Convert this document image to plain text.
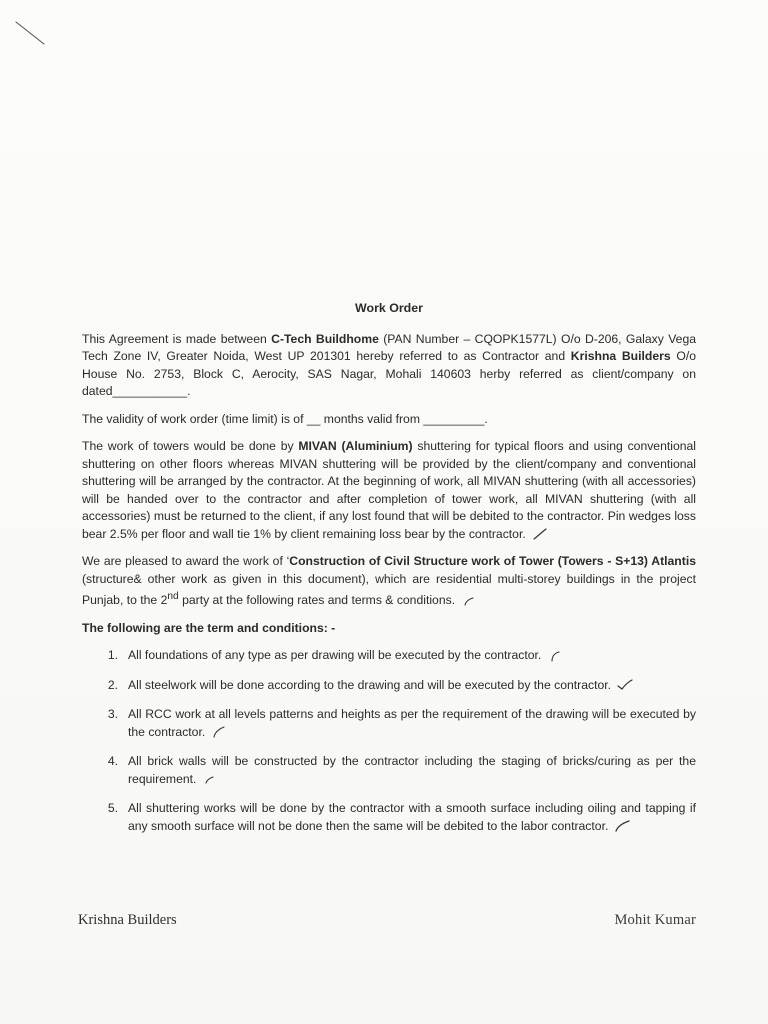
Work Order

This Agreement is made between C-Tech Buildhome (PAN Number – CQOPK1577L) O/o D-206, Galaxy Vega Tech Zone IV, Greater Noida, West UP 201301 hereby referred to as Contractor and Krishna Builders O/o House No. 2753, Block C, Aerocity, SAS Nagar, Mohali 140603 herby referred as client/company on dated___________.

The validity of work order (time limit) is of __ months valid from _________.

The work of towers would be done by MIVAN (Aluminium) shuttering for typical floors and using conventional shuttering on other floors whereas MIVAN shuttering will be provided by the client/company and conventional shuttering will be arranged by the contractor. At the beginning of work, all MIVAN shuttering (with all accessories) will be handed over to the contractor and after completion of tower work, all MIVAN shuttering (with all accessories) must be returned to the client, if any lost found that will be debited to the contractor. Pin wedges loss bear 2.5% per floor and wall tie 1% by client remaining loss bear by the contractor.

We are pleased to award the work of ‘Construction of Civil Structure work of Tower (Towers - S+13) Atlantis (structure& other work as given in this document), which are residential multi-storey buildings in the project Punjab, to the 2nd party at the following rates and terms & conditions.

The following are the term and conditions: -
1. All foundations of any type as per drawing will be executed by the contractor.
2. All steelwork will be done according to the drawing and will be executed by the contractor.
3. All RCC work at all levels patterns and heights as per the requirement of the drawing will be executed by the contractor.
4. All brick walls will be constructed by the contractor including the staging of bricks/curing as per the requirement.
5. All shuttering works will be done by the contractor with a smooth surface including oiling and tapping if any smooth surface will not be done then the same will be debited to the labor contractor.
Krishna Builders	Mohit Kumar
